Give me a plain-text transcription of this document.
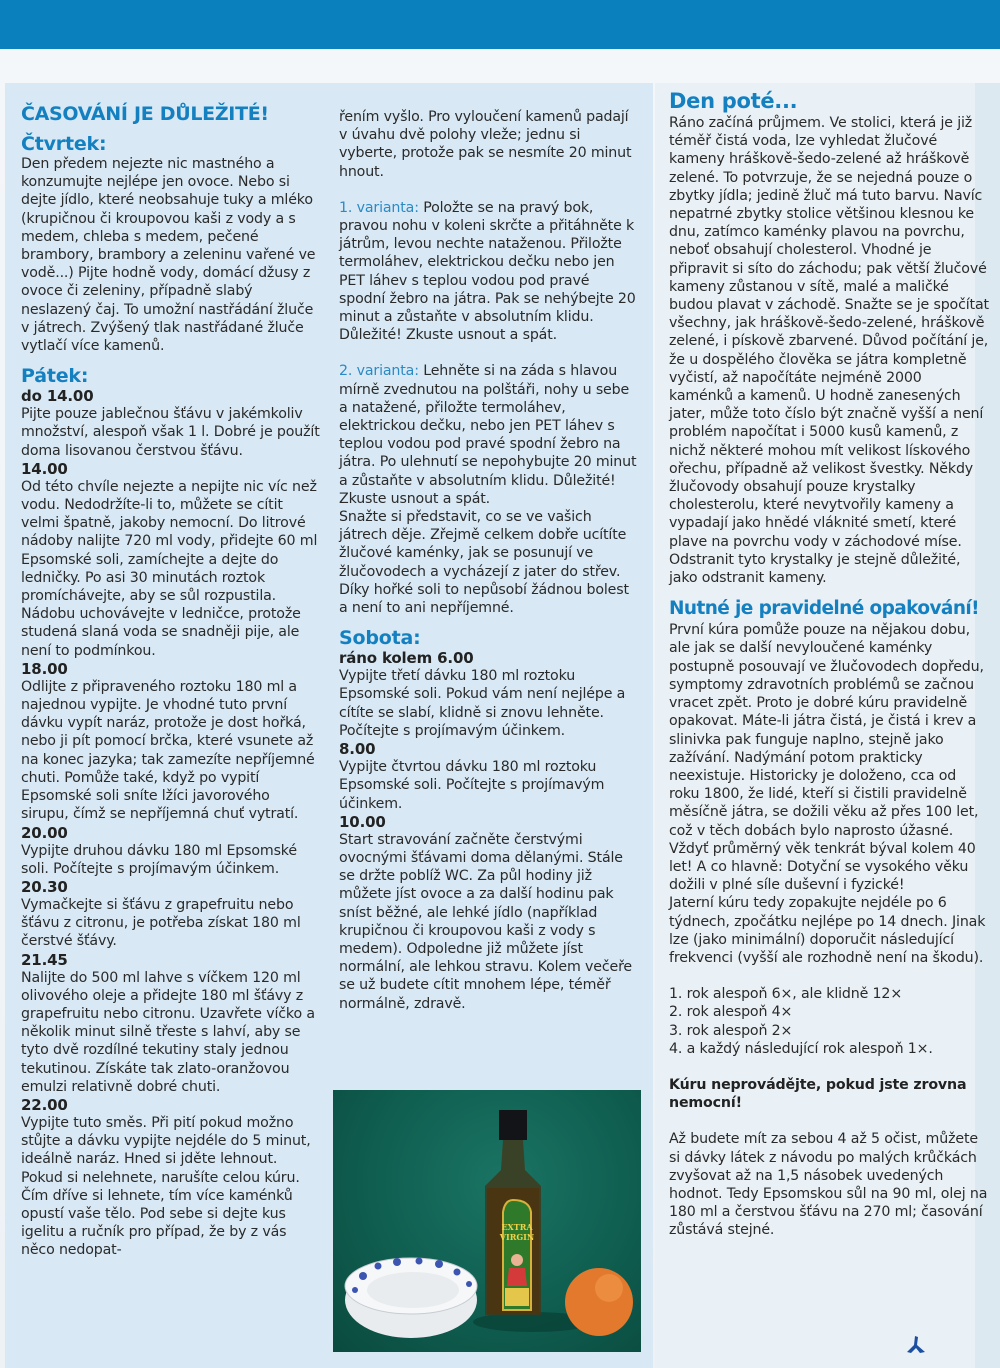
ČASOVÁNÍ JE DŮLEŽITÉ!
Čtvrtek:

Den předem nejezte nic mastného a konzumujte nejlépe jen ovoce. Nebo si dejte jídlo, které neobsahuje tuky a mléko (krupičnou či kroupovou kaši z vody a s medem, chleba s medem, pečené brambory, brambory a zeleninu vařené ve vodě...) Pijte hodně vody, domácí džusy z ovoce či zeleniny, případně slabý neslazený čaj. To umožní nastřádání žluče v játrech. Zvýšený tlak nastřádané žluče vytlačí více kamenů.

Pátek:
do 14.00

Pijte pouze jablečnou šťávu v jakémkoliv množství, alespoň však 1 l. Dobré je použít doma lisovanou čerstvou šťávu.

14.00

Od této chvíle nejezte a nepijte nic víc než vodu. Nedodržíte-li to, můžete se cítit velmi špatně, jakoby nemocní. Do litrové nádoby nalijte 720 ml vody, přidejte 60 ml Epsomské soli, zamíchejte a dejte do ledničky. Po asi 30 minutách roztok promíchávejte, aby se sůl rozpustila. Nádobu uchovávejte v ledničce, protože studená slaná voda se snadněji pije, ale není to podmínkou.

18.00

Odlijte z připraveného roztoku 180 ml a najednou vypijte. Je vhodné tuto první dávku vypít naráz, protože je dost hořká, nebo ji pít pomocí brčka, které vsunete až na konec jazyka; tak zamezíte nepříjemné chuti. Pomůže také, když po vypití Epsomské soli sníte lžíci javorového sirupu, čímž se nepříjemná chuť vytratí.

20.00

Vypijte druhou dávku 180 ml Epsomské soli. Počítejte s projímavým účinkem.

20.30

Vymačkejte si šťávu z grapefruitu nebo šťávu z citronu, je potřeba získat 180 ml čerstvé šťávy.

21.45

Nalijte do 500 ml lahve s víčkem 120 ml olivového oleje a přidejte 180 ml šťávy z grapefruitu nebo citronu. Uzavřete víčko a několik minut silně třeste s lahví, aby se tyto dvě rozdílné tekutiny staly jednou tekutinou. Získáte tak zlato-oranžovou emulzi relativně dobré chuti.

22.00

Vypijte tuto směs. Při pití pokud možno stůjte a dávku vypijte nejdéle do 5 minut, ideálně naráz. Hned si jděte lehnout. Pokud si nelehnete, narušíte celou kúru. Čím dříve si lehnete, tím více kaménků opustí vaše tělo. Pod sebe si dejte kus igelitu a ručník pro případ, že by z vás něco nedopat-

řením vyšlo. Pro vyloučení kamenů padají v úvahu dvě polohy vleže; jednu si vyberte, protože pak se nesmíte 20 minut hnout.

1. varianta: Položte se na pravý bok, pravou nohu v koleni skrčte a přitáhněte k játrům, levou nechte nataženou. Přiložte termoláhev, elektrickou dečku nebo jen PET láhev s teplou vodou pod pravé spodní žebro na játra. Pak se nehýbejte 20 minut a zůstaňte v absolutním klidu. Důležité! Zkuste usnout a spát.

2. varianta: Lehněte si na záda s hlavou mírně zvednutou na polštáři, nohy u sebe a natažené, přiložte termoláhev, elektrickou dečku, nebo jen PET láhev s teplou vodou pod pravé spodní žebro na játra. Po ulehnutí se nepohybujte 20 minut a zůstaňte v absolutním klidu. Důležité! Zkuste usnout a spát.

Snažte si představit, co se ve vašich játrech děje. Zřejmě celkem dobře ucítíte žlučové kaménky, jak se posunují ve žlučovodech a vycházejí z jater do střev. Díky hořké soli to nepůsobí žádnou bolest a není to ani nepříjemné.

Sobota:
ráno kolem 6.00

Vypijte třetí dávku 180 ml roztoku Epsomské soli. Pokud vám není nejlépe a cítíte se slabí, klidně si znovu lehněte. Počítejte s projímavým účinkem.

8.00

Vypijte čtvrtou dávku 180 ml roztoku Epsomské soli. Počítejte s projímavým účinkem.

10.00

Start stravování začněte čerstvými ovocnými šťávami doma dělanými. Stále se držte poblíž WC. Za půl hodiny již můžete jíst ovoce a za další hodinu pak sníst běžné, ale lehké jídlo (například krupičnou či kroupovou kaši z vody s medem). Odpoledne již můžete jíst normální, ale lehkou stravu. Kolem večeře se už budete cítit mnohem lépe, téměř normálně, zdravě.

EXTRA
VIRGIN
Den poté...

Ráno začíná průjmem. Ve stolici, která je již téměř čistá voda, lze vyhledat žlučové kameny hráškově-šedo-zelené až hráškově zelené. To potvrzuje, že se nejedná pouze o zbytky jídla; jedině žluč má tuto barvu. Navíc nepatrné zbytky stolice většinou klesnou ke dnu, zatímco kaménky plavou na povrchu, neboť obsahují cholesterol. Vhodné je připravit si síto do záchodu; pak větší žlučové kameny zůstanou v sítě, malé a maličké budou plavat v záchodě. Snažte se je spočítat všechny, jak hráškově-šedo-zelené, hráškově zelené, i pískově zbarvené. Důvod počítání je, že u dospělého člověka se játra kompletně vyčistí, až napočítáte nejméně 2000 kaménků a kamenů. U hodně zanesených jater, může toto číslo být značně vyšší a není problém napočítat i 5000 kusů kamenů, z nichž některé mohou mít velikost lískového ořechu, případně až velikost švestky. Někdy žlučovody obsahují pouze krystalky cholesterolu, které nevytvořily kameny a vypadají jako hnědé vláknité smetí, které plave na povrchu vody v záchodové míse. Odstranit tyto krystalky je stejně důležité, jako odstranit kameny.

Nutné je pravidelné opakování!

První kúra pomůže pouze na nějakou dobu, ale jak se další nevyloučené kaménky postupně posouvají ve žlučovodech dopředu, symptomy zdravotních problémů se začnou vracet zpět. Proto je dobré kúru pravidelně opakovat. Máte-li játra čistá, je čistá i krev a slinivka pak funguje naplno, stejně jako zažívání. Nadýmání potom prakticky neexistuje. Historicky je doloženo, cca od roku 1800, že lidé, kteří si čistili pravidelně měsíčně játra, se dožili věku až přes 100 let, což v těch dobách bylo naprosto úžasné. Vždyť průměrný věk tenkrát býval kolem 40 let! A co hlavně: Dotyční se vysokého věku dožili v plné síle duševní i fyzické!

Jaterní kúru tedy zopakujte nejdéle po 6 týdnech, zpočátku nejlépe po 14 dnech. Jinak lze (jako minimální) doporučit následující frekvenci (vyšší ale rozhodně není na škodu).

1. rok alespoň 6×, ale klidně 12×

2. rok alespoň 4×

3. rok alespoň 2×

4. a každý následující rok alespoň 1×.

Kúru neprovádějte, pokud jste zrovna nemocní!

Až budete mít za sebou 4 až 5 očist, můžete si dávky látek z návodu po malých krůčkách zvyšovat až na 1,5 násobek uvedených hodnot. Tedy Epsomskou sůl na 90 ml, olej na 180 ml a čerstvou šťávu na 270 ml; časování zůstává stejné.
